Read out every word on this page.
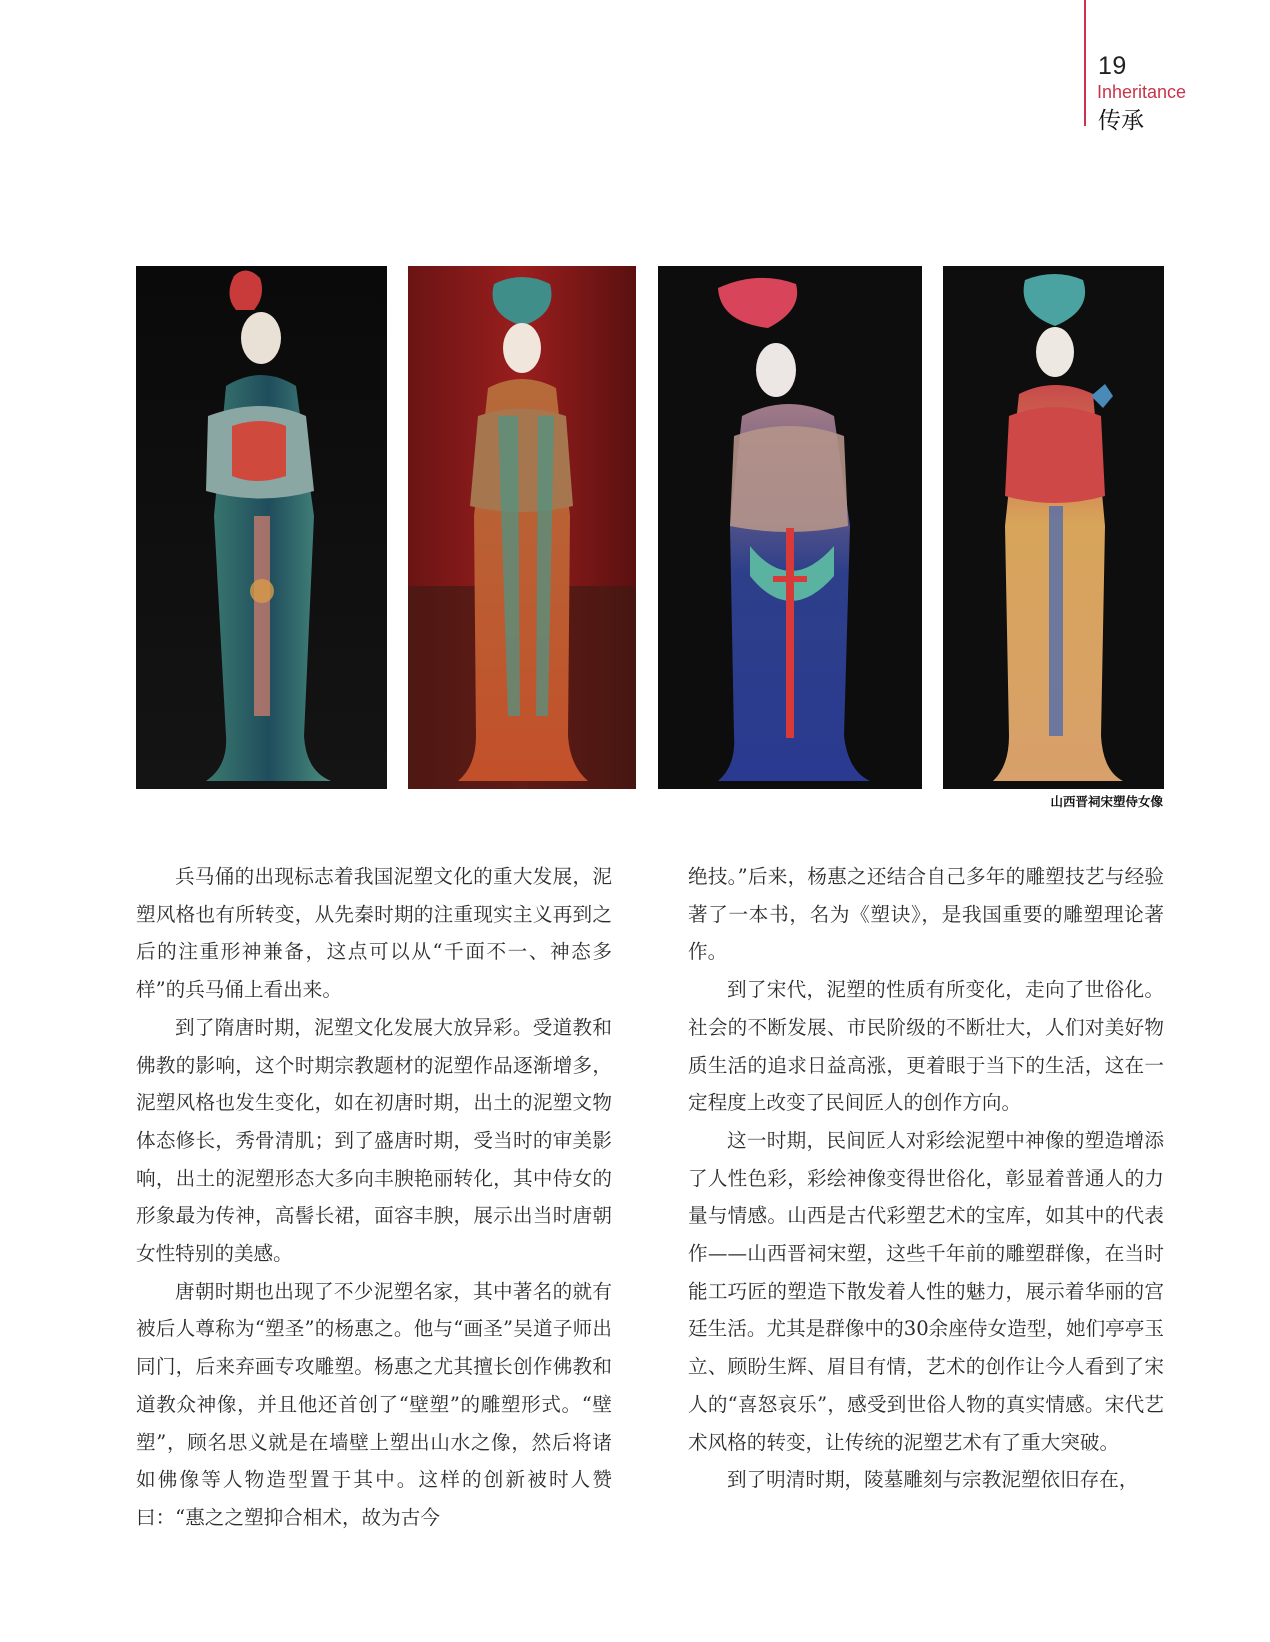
19
Inheritance
传承
山西晋祠宋塑侍女像

兵马俑的出现标志着我国泥塑文化的重大发展，泥塑风格也有所转变，从先秦时期的注重现实主义再到之后的注重形神兼备，这点可以从“千面不一、神态多样”的兵马俑上看出来。

到了隋唐时期，泥塑文化发展大放异彩。受道教和佛教的影响，这个时期宗教题材的泥塑作品逐渐增多，泥塑风格也发生变化，如在初唐时期，出土的泥塑文物体态修长，秀骨清肌；到了盛唐时期，受当时的审美影响，出土的泥塑形态大多向丰腴艳丽转化，其中侍女的形象最为传神，高髻长裙，面容丰腴，展示出当时唐朝女性特别的美感。

唐朝时期也出现了不少泥塑名家，其中著名的就有被后人尊称为“塑圣”的杨惠之。他与“画圣”吴道子师出同门，后来弃画专攻雕塑。杨惠之尤其擅长创作佛教和道教众神像，并且他还首创了“壁塑”的雕塑形式。“壁塑”，顾名思义就是在墙壁上塑出山水之像，然后将诸如佛像等人物造型置于其中。这样的创新被时人赞曰：“惠之之塑抑合相术，故为古今

绝技。”后来，杨惠之还结合自己多年的雕塑技艺与经验著了一本书，名为《塑诀》，是我国重要的雕塑理论著作。

到了宋代，泥塑的性质有所变化，走向了世俗化。社会的不断发展、市民阶级的不断壮大，人们对美好物质生活的追求日益高涨，更着眼于当下的生活，这在一定程度上改变了民间匠人的创作方向。

这一时期，民间匠人对彩绘泥塑中神像的塑造增添了人性色彩，彩绘神像变得世俗化，彰显着普通人的力量与情感。山西是古代彩塑艺术的宝库，如其中的代表作——山西晋祠宋塑，这些千年前的雕塑群像，在当时能工巧匠的塑造下散发着人性的魅力，展示着华丽的宫廷生活。尤其是群像中的30余座侍女造型，她们亭亭玉立、顾盼生辉、眉目有情，艺术的创作让今人看到了宋人的“喜怒哀乐”，感受到世俗人物的真实情感。宋代艺术风格的转变，让传统的泥塑艺术有了重大突破。

到了明清时期，陵墓雕刻与宗教泥塑依旧存在，
